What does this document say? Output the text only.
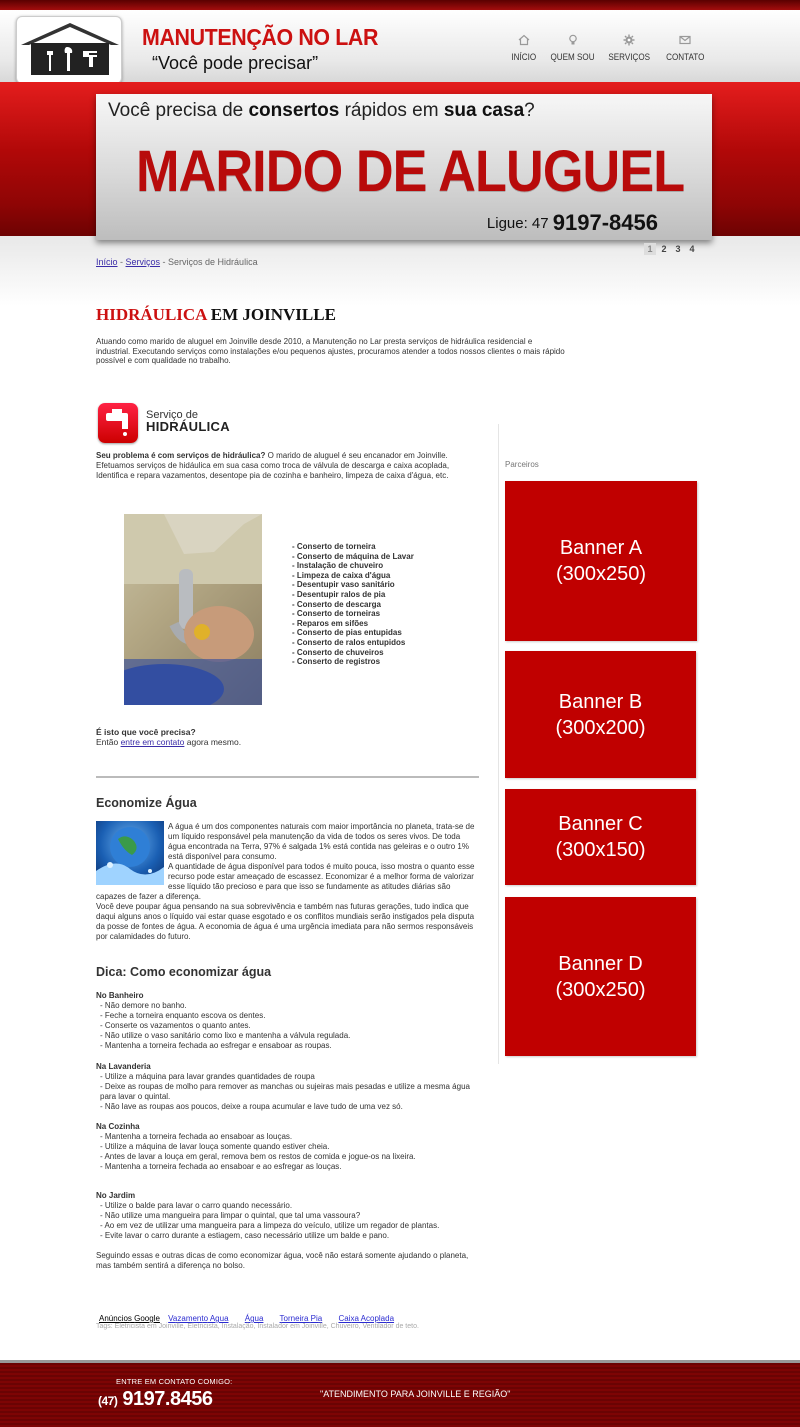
MANUTENÇÃO NO LAR
“Você pode precisar”	INÍCIO QUEM SOU SERVIÇOS CONTATO
Você precisa de consertos rápidos em sua casa?
MARIDO DE ALUGUEL
Ligue: 47 9197-8456
1 2 3 4
Início - Serviços - Serviços de Hidráulica
HIDRÁULICA EM JOINVILLE

Atuando como marido de aluguel em Joinville desde 2010, a Manutenção no Lar presta serviços de hidráulica residencial e industrial. Executando serviços como instalações e/ou pequenos ajustes, procuramos atender a todos nossos clientes o mais rápido possível e com qualidade no trabalho.

Serviço de
HIDRÁULICA

Seu problema é com serviços de hidráulica? O marido de aluguel é seu encanador em Joinville. Efetuamos serviços de hidáulica em sua casa como troca de válvula de descarga e caixa acoplada, Identifica e repara vazamentos, desentope pia de cozinha e banheiro, limpeza de caixa d'água, etc.

- Conserto de torneira
- Conserto de máquina de Lavar
- Instalação de chuveiro
- Limpeza de caixa d'água
- Desentupir vaso sanitário
- Desentupir ralos de pia
- Conserto de descarga
- Conserto de torneiras
- Reparos em sifões
- Conserto de pias entupidas
- Conserto de ralos entupidos
- Conserto de chuveiros
- Conserto de registros
É isto que você precisa?
Então entre em contato agora mesmo.
Economize Água

A água é um dos componentes naturais com maior importância no planeta, trata-se de um líquido responsável pela manutenção da vida de todos os seres vivos. De toda água encontrada na Terra, 97% é salgada 1% está contida nas geleiras e o outro 1% está disponível para consumo.

A quantidade de água disponível para todos é muito pouca, isso mostra o quanto esse recurso pode estar ameaçado de escassez. Economizar é a melhor forma de valorizar esse líquido tão precioso e para que isso se fundamente as atitudes diárias são capazes de fazer a diferença.

Você deve poupar água pensando na sua sobrevivência e também nas futuras gerações, tudo indica que daqui alguns anos o líquido vai estar quase esgotado e os conflitos mundiais serão instigados pela disputa da posse de fontes de água. A economia de água é uma urgência imediata para não sermos responsáveis por calamidades do futuro.

Dica: Como economizar água
No Banheiro
- Não demore no banho.
- Feche a torneira enquanto escova os dentes.
- Conserte os vazamentos o quanto antes.
- Não utilize o vaso sanitário como lixo e mantenha a válvula regulada.
- Mantenha a torneira fechada ao esfregar e ensaboar as roupas.
Na Lavanderia
- Utilize a máquina para lavar grandes quantidades de roupa
- Deixe as roupas de molho para remover as manchas ou sujeiras mais pesadas e utilize a mesma água para lavar o quintal.
- Não lave as roupas aos poucos, deixe a roupa acumular e lave tudo de uma vez só.
Na Cozinha
- Mantenha a torneira fechada ao ensaboar as louças.
- Utilize a máquina de lavar louça somente quando estiver cheia.
- Antes de lavar a louça em geral, remova bem os restos de comida e jogue-os na lixeira.
- Mantenha a torneira fechada ao ensaboar e ao esfregar as louças.
No Jardim
- Utilize o balde para lavar o carro quando necessário.
- Não utilize uma mangueira para limpar o quintal, que tal uma vassoura?
- Ao em vez de utilizar uma mangueira para a limpeza do veículo, utilize um regador de plantas.
- Evite lavar o carro durante a estiagem, caso necessário utilize um balde e pano.

Seguindo essas e outras dicas de como economizar água, você não estará somente ajudando o planeta, mas também sentirá a diferença no bolso.

Anúncios Google Vazamento Agua Água Torneira Pia Caixa Acoplada
Tags: Eletricista em Joinville, Eletricista, Instalação, Instalador em Joinville, Chuveiro, Ventilador de teto.
Parceiros
Banner A
(300x250)
Banner B
(300x200)
Banner C
(300x150)
Banner D
(300x250)
ENTRE EM CONTATO COMIGO:
(47) 9197.8456	"ATENDIMENTO PARA JOINVILLE E REGIÃO"
